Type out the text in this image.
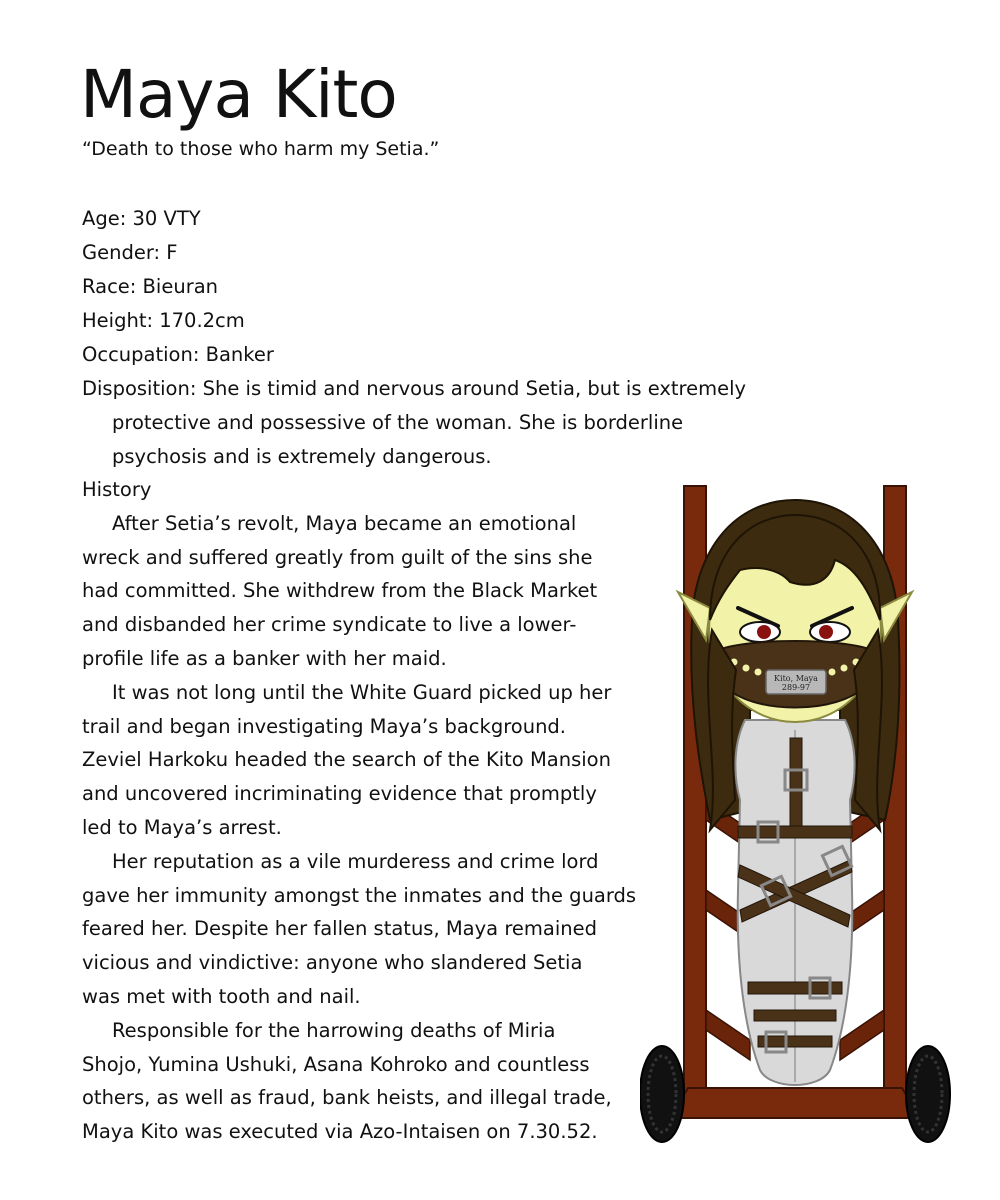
Maya Kito

“Death to those who harm my Setia.”

Age: 30 VTY
Gender: F
Race: Bieuran
Height: 170.2cm
Occupation: Banker
Disposition: She is timid and nervous around Setia, but is extremely
protective and possessive of the woman. She is borderline
psychosis and is extremely dangerous.
History
After Setia’s revolt, Maya became an emotional
wreck and suffered greatly from guilt of the sins she
had committed. She withdrew from the Black Market
and disbanded her crime syndicate to live a lower-
profile life as a banker with her maid.
It was not long until the White Guard picked up her
trail and began investigating Maya’s background.
Zeviel Harkoku headed the search of the Kito Mansion
and uncovered incriminating evidence that promptly
led to Maya’s arrest.
Her reputation as a vile murderess and crime lord
gave her immunity amongst the inmates and the guards
feared her. Despite her fallen status, Maya remained
vicious and vindictive: anyone who slandered Setia
was met with tooth and nail.
Responsible for the harrowing deaths of Miria
Shojo, Yumina Ushuki, Asana Kohroko and countless
others, as well as fraud, bank heists, and illegal trade,
Maya Kito was executed via Azo-Intaisen on 7.30.52.
Kito, Maya
289-97
